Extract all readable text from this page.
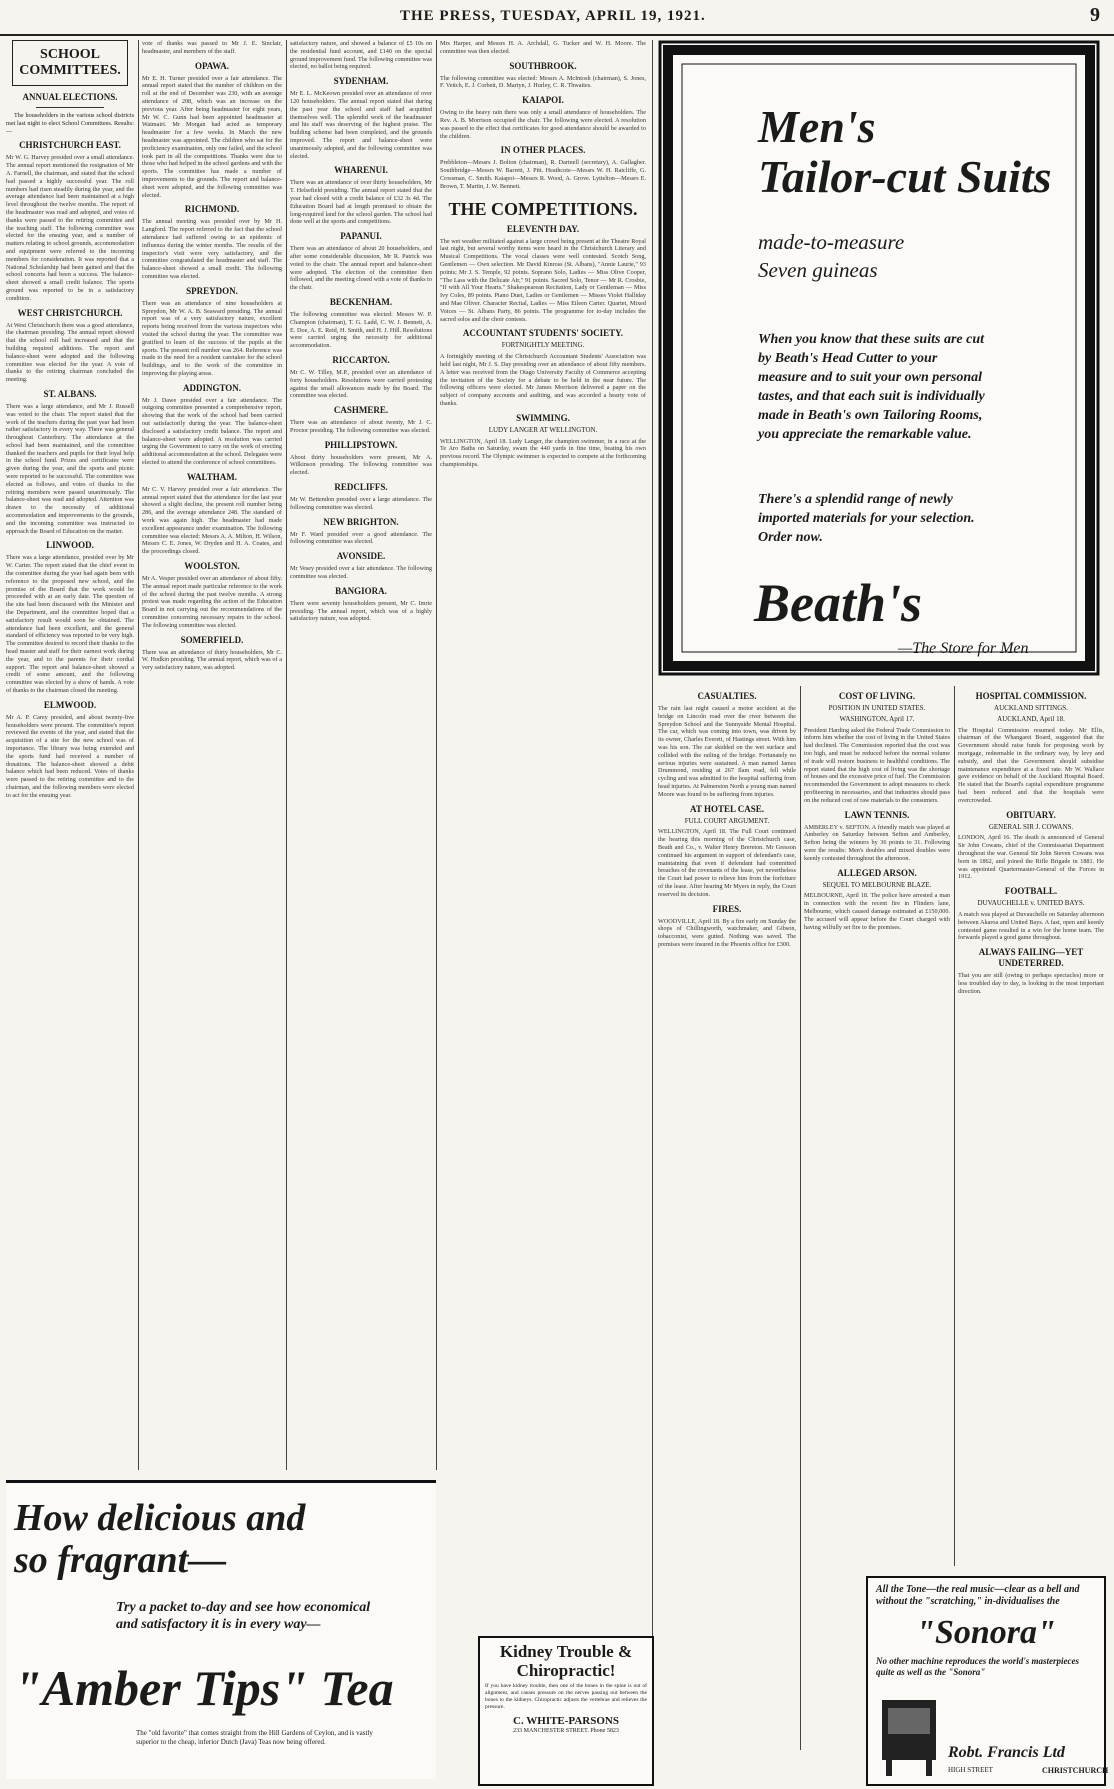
THE PRESS, TUESDAY, APRIL 19, 1921.	9
SCHOOL COMMITTEES.
ANNUAL ELECTIONS.

The householders in the various school districts met last night to elect School Committees. Results:—

CHRISTCHURCH EAST.
Mr W. G. Harvey presided over a small attendance. The annual report mentioned the resignation of Mr A. Farnell, the chairman, and stated that the school had passed a highly successful year. The roll numbers had risen steadily during the year, and the average attendance had been maintained at a high level throughout the twelve months. The report of the headmaster was read and adopted, and votes of thanks were passed to the retiring committee and the teaching staff. The following committee was elected for the ensuing year, and a number of matters relating to school grounds, accommodation and equipment were referred to the incoming members for consideration. It was reported that a National Scholarship had been gained and that the school concerts had been a success. The balance-sheet showed a small credit balance. The sports ground was reported to be in a satisfactory condition.
WEST CHRISTCHURCH.
At West Christchurch there was a good attendance, the chairman presiding. The annual report showed that the school roll had increased and that the building required additions. The report and balance-sheet were adopted and the following committee was elected for the year. A vote of thanks to the retiring chairman concluded the meeting.
ST. ALBANS.
There was a large attendance, and Mr J. Russell was voted to the chair. The report stated that the work of the teachers during the past year had been rather satisfactory in every way. There was general throughout Canterbury. The attendance at the school had been maintained, and the committee thanked the teachers and pupils for their loyal help in the school fund. Prizes and certificates were given during the year, and the sports and picnic were reported to be successful. The committee was elected as follows, and votes of thanks to the retiring members were passed unanimously. The balance-sheet was read and adopted. Attention was drawn to the necessity of additional accommodation and improvements to the grounds, and the incoming committee was instructed to approach the Board of Education on the matter.
LINWOOD.
There was a large attendance, presided over by Mr W. Carter. The report stated that the chief event in the committee during the year had again been with reference to the proposed new school, and the promise of the Board that the work would be proceeded with at an early date. The question of the site had been discussed with the Minister and the Department, and the committee hoped that a satisfactory result would soon be obtained. The attendance had been excellent, and the general standard of efficiency was reported to be very high. The committee desired to record their thanks to the head master and staff for their earnest work during the year, and to the parents for their cordial support. The report and balance-sheet showed a credit of some amount, and the following committee was elected by a show of hands. A vote of thanks to the chairman closed the meeting.
ELMWOOD.
Mr A. P. Carey presided, and about twenty-five householders were present. The committee's report reviewed the events of the year, and stated that the acquisition of a site for the new school was of importance. The library was being extended and the sports fund had received a number of donations. The balance-sheet showed a debit balance which had been reduced. Votes of thanks were passed to the retiring committee and to the chairman, and the following members were elected to act for the ensuing year.
vote of thanks was passed to Mr J. E. Sinclair, headmaster, and members of the staff.
OPAWA.
Mr E. H. Turner presided over a fair attendance. The annual report stated that the number of children on the roll at the end of December was 230, with an average attendance of 208, which was an increase on the previous year. After being headmaster for eight years, Mr W. C. Gunn had been appointed headmaster at Waimairi. Mr Morgan had acted as temporary headmaster for a few weeks. In March the new headmaster was appointed. The children who sat for the proficiency examination, only one failed, and the school took part in all the competitions. Thanks were due to those who had helped in the school gardens and with the sports. The committee has made a number of improvements to the grounds. The report and balance-sheet were adopted, and the following committee was elected.
RICHMOND.
The annual meeting was presided over by Mr H. Langford. The report referred to the fact that the school attendance had suffered owing to an epidemic of influenza during the winter months. The results of the inspector's visit were very satisfactory, and the committee congratulated the headmaster and staff. The balance-sheet showed a small credit. The following committee was elected.
SPREYDON.
There was an attendance of nine householders at Spreydon, Mr W. A. B. Seaward presiding. The annual report was of a very satisfactory nature, excellent reports being received from the various inspectors who visited the school during the year. The committee was gratified to learn of the success of the pupils at the sports. The present roll number was 264. Reference was made to the need for a resident caretaker for the school buildings, and to the work of the committee in improving the playing areas.
ADDINGTON.
Mr J. Dawe presided over a fair attendance. The outgoing committee presented a comprehensive report, showing that the work of the school had been carried out satisfactorily during the year. The balance-sheet disclosed a satisfactory credit balance. The report and balance-sheet were adopted. A resolution was carried urging the Government to carry on the work of erecting additional accommodation at the school. Delegates were elected to attend the conference of school committees.
WALTHAM.
Mr C. V. Harvey presided over a fair attendance. The annual report stated that the attendance for the last year showed a slight decline, the present roll number being 286, and the average attendance 248. The standard of work was again high. The headmaster had made excellent appearance under examination. The following committee was elected: Messrs A. A. Milton, H. Wilson, Messrs C. E. Jones, W. Dryden and H. A. Coates, and the proceedings closed.
WOOLSTON.
Mr A. Vesper presided over an attendance of about fifty. The annual report made particular reference to the work of the school during the past twelve months. A strong protest was made regarding the action of the Education Board in not carrying out the recommendations of the committee concerning necessary repairs to the school. The following committee was elected.
SOMERFIELD.
There was an attendance of thirty householders, Mr C. W. Hodkin presiding. The annual report, which was of a very satisfactory nature, was adopted.
satisfactory nature, and showed a balance of £5 10s on the residential fund account, and £140 on the special ground improvement fund. The following committee was elected, no ballot being required.
SYDENHAM.
Mr E. L. McKeown presided over an attendance of over 120 householders. The annual report stated that during the past year the school and staff had acquitted themselves well. The splendid work of the headmaster and his staff was deserving of the highest praise. The building scheme had been completed, and the grounds improved. The report and balance-sheet were unanimously adopted, and the following committee was elected.
WHARENUI.
There was an attendance of over thirty householders, Mr T. Helsefield presiding. The annual report stated that the year had closed with a credit balance of £32 3s 4d. The Education Board had at length promised to obtain the long-required land for the school garden. The school had done well at the sports and competitions.
PAPANUI.
There was an attendance of about 20 householders, and after some considerable discussion, Mr R. Patrick was voted to the chair. The annual report and balance-sheet were adopted. The election of the committee then followed, and the meeting closed with a vote of thanks to the chair.
BECKENHAM.
The following committee was elected: Messrs W. P. Champion (chairman), T. G. Ladd, C. W. J. Bennett, A. E. Doe, A. E. Reid, H. Smith, and H. J. Hill. Resolutions were carried urging the necessity for additional accommodation.
RICCARTON.
Mr C. W. Tilley, M.P., presided over an attendance of forty householders. Resolutions were carried protesting against the small allowances made by the Board. The committee was elected.
CASHMERE.
There was an attendance of about twenty, Mr J. C. Proctor presiding. The following committee was elected.
PHILLIPSTOWN.
About thirty householders were present, Mr A. Wilkinson presiding. The following committee was elected.
REDCLIFFS.
Mr W. Bettendon presided over a large attendance. The following committee was elected.
NEW BRIGHTON.
Mr F. Ward presided over a good attendance. The following committee was elected.
AVONSIDE.
Mr Vesey presided over a fair attendance. The following committee was elected.
BANGIORA.
There were seventy householders present, Mr C. Imrie presiding. The annual report, which was of a highly satisfactory nature, was adopted.
Mrs Harper, and Messrs H. A. Archdall, G. Tucker and W. H. Moore. The committee was then elected.
SOUTHBROOK.
The following committee was elected: Messrs A. McIntosh (chairman), S. Jones, F. Veitch, E. J. Corbett, D. Martyn, J. Hurley, C. R. Thwaites.
KAIAPOI.
Owing to the heavy rain there was only a small attendance of householders. The Rev. A. B. Morrison occupied the chair. The following were elected. A resolution was passed to the effect that certificates for good attendance should be awarded to the children.
IN OTHER PLACES.
Prebbleton—Messrs J. Bolton (chairman), R. Dartnell (secretary), A. Gallagher. Southbridge—Messrs W. Barrett, J. Pitt. Heathcote—Messrs W. H. Ratcliffe, G. Crossman, C. Smith. Kaiapoi—Messrs R. Wood, A. Grove. Lyttelton—Messrs E. Brown, T. Martin, J. W. Bennett.
THE COMPETITIONS.
ELEVENTH DAY.
The wet weather militated against a large crowd being present at the Theatre Royal last night, but several worthy items were heard in the Christchurch Literary and Musical Competitions. The vocal classes were well contested. Scotch Song, Gentlemen — Own selection. Mr David Kinross (St. Albans), "Annie Laurie," 93 points; Mr J. S. Temple, 92 points. Soprano Solo, Ladies — Miss Olive Cooper, "The Lass with the Delicate Air," 91 points. Sacred Solo, Tenor — Mr R. Crosbie, "If with All Your Hearts." Shakespearean Recitation, Lady or Gentleman — Miss Ivy Coles, 89 points. Piano Duet, Ladies or Gentlemen — Misses Violet Halliday and Mae Oliver. Character Recital, Ladies — Miss Eileen Carter. Quartet, Mixed Voices — St. Albans Party, 86 points. The programme for to-day includes the sacred solos and the choir contests.
ACCOUNTANT STUDENTS' SOCIETY.
FORTNIGHTLY MEETING.
A fortnightly meeting of the Christchurch Accountant Students' Association was held last night, Mr J. S. Day presiding over an attendance of about fifty members. A letter was received from the Otago University Faculty of Commerce accepting the invitation of the Society for a debate to be held in the near future. The following officers were elected. Mr James Morrison delivered a paper on the subject of company accounts and auditing, and was accorded a hearty vote of thanks.
SWIMMING.
LUDY LANGER AT WELLINGTON.
WELLINGTON, April 18. Ludy Langer, the champion swimmer, in a race at the Te Aro Baths on Saturday, swam the 440 yards in fine time, beating his own previous record. The Olympic swimmer is expected to compete at the forthcoming championships.
Kidney Trouble & Chiropractic!
If you have kidney trouble, then one of the bones in the spine is out of alignment, and causes pressure on the nerves passing out between the bones to the kidneys. Chiropractic adjusts the vertebrae and relieves the pressure.
C. WHITE-PARSONS
233 MANCHESTER STREET. Phone 5823
Men's
Tailor-cut Suits
made-to-measure
Seven guineas
When you know that these suits are cut by Beath's Head Cutter to your measure and to suit your own personal tastes, and that each suit is individually made in Beath's own Tailoring Rooms, you appreciate the remarkable value.
There's a splendid range of newly imported materials for your selection. Order now.
Beath's
—The Store for Men
CASUALTIES.
The rain last night caused a motor accident at the bridge on Lincoln road over the river between the Spreydon School and the Sunnyside Mental Hospital. The car, which was coming into town, was driven by its owner, Charles Everett, of Hastings street. With him was his son. The car skidded on the wet surface and collided with the railing of the bridge. Fortunately no serious injuries were sustained. A man named James Drummond, residing at 267 Ilam road, fell while cycling and was admitted to the hospital suffering from head injuries. At Palmerston North a young man named Moore was found to be suffering from injuries.
AT HOTEL CASE.
FULL COURT ARGUMENT.
WELLINGTON, April 18. The Full Court continued the hearing this morning of the Christchurch case, Beath and Co., v. Walter Henry Brereton. Mr Gresson continued his argument in support of defendant's case, maintaining that even if defendant had committed breaches of the covenants of the lease, yet nevertheless the Court had power to relieve him from the forfeiture of the lease. After hearing Mr Myers in reply, the Court reserved its decision.
FIRES.
WOODVILLE, April 18. By a fire early on Sunday the shops of Chillingworth, watchmaker, and Gibson, tobacconist, were gutted. Nothing was saved. The premises were insured in the Phoenix office for £300.
COST OF LIVING.
POSITION IN UNITED STATES.
WASHINGTON, April 17.
President Harding asked the Federal Trade Commission to inform him whether the cost of living in the United States had declined. The Commission reported that the cost was too high, and must be reduced before the normal volume of trade will restore business to healthful conditions. The report stated that the high cost of living was the shortage of houses and the excessive price of fuel. The Commission recommended the Government to adopt measures to check profiteering in necessaries, and that industries should pass on the reduced cost of raw materials to the consumers.
LAWN TENNIS.
AMBERLEY v. SEFTON. A friendly match was played at Amberley on Saturday between Sefton and Amberley, Sefton being the winners by 36 points to 31. Following were the results: Men's doubles and mixed doubles were keenly contested throughout the afternoon.
ALLEGED ARSON.
SEQUEL TO MELBOURNE BLAZE.
MELBOURNE, April 18. The police have arrested a man in connection with the recent fire in Flinders lane, Melbourne, which caused damage estimated at £150,000. The accused will appear before the Court charged with having wilfully set fire to the premises.
HOSPITAL COMMISSION.
AUCKLAND SITTINGS.
AUCKLAND, April 18.
The Hospital Commission resumed today. Mr Ellis, chairman of the Whangarei Board, suggested that the Government should raise funds for proposing work by mortgage, redeemable in the ordinary way, by levy and subsidy, and that the Government should subsidise maintenance expenditure at a fixed rate. Mr W. Wallace gave evidence on behalf of the Auckland Hospital Board. He stated that the Board's capital expenditure programme had been reduced and that the hospitals were overcrowded.
OBITUARY.
GENERAL SIR J. COWANS.
LONDON, April 16. The death is announced of General Sir John Cowans, chief of the Commissariat Department throughout the war. General Sir John Steven Cowans was born in 1862, and joined the Rifle Brigade in 1881. He was appointed Quartermaster-General of the Forces in 1912.
FOOTBALL.
DUVAUCHELLE v. UNITED BAYS.
A match was played at Duvauchelle on Saturday afternoon between Akaroa and United Bays. A fast, open and keenly contested game resulted in a win for the home team. The forwards played a good game throughout.
ALWAYS FAILING—YET UNDETERRED.
That you are still (owing to perhaps spectacles) more or less troubled day to day, is looking in the most important direction.
All the Tone—the real music—clear as a bell and without the "scratching," in-dividualises the
"Sonora"
No other machine reproduces the world's masterpieces quite as well as the "Sonora"
Robt. Francis Ltd
HIGH STREET	CHRISTCHURCH
How delicious and
so fragrant—
Try a packet to-day and see how economical and satisfactory it is in every way—
"Amber Tips" Tea
The "old favorite" that comes straight from the Hill Gardens of Ceylon, and is vastly superior to the cheap, inferior Dutch (Java) Teas now being offered.
